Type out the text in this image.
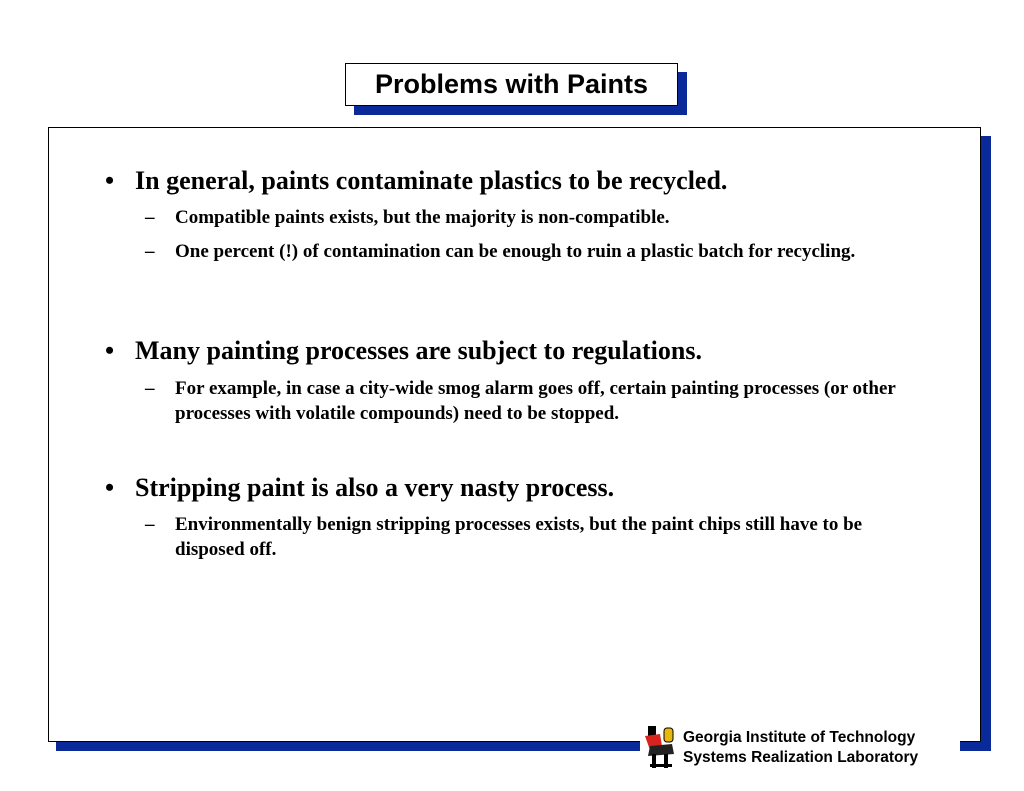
Problems with Paints
• In general, paints contaminate plastics to be recycled.
– Compatible paints exists, but the majority is non-compatible.
– One percent (!) of contamination can be enough to ruin a plastic batch for recycling.
• Many painting processes are subject to regulations.
– For example, in case a city-wide smog alarm goes off, certain painting processes (or other processes with volatile compounds) need to be stopped.
• Stripping paint is also a very nasty process.
– Environmentally benign stripping processes exists, but the paint chips still have to be disposed off.
Georgia Institute of Technology
Systems Realization Laboratory
